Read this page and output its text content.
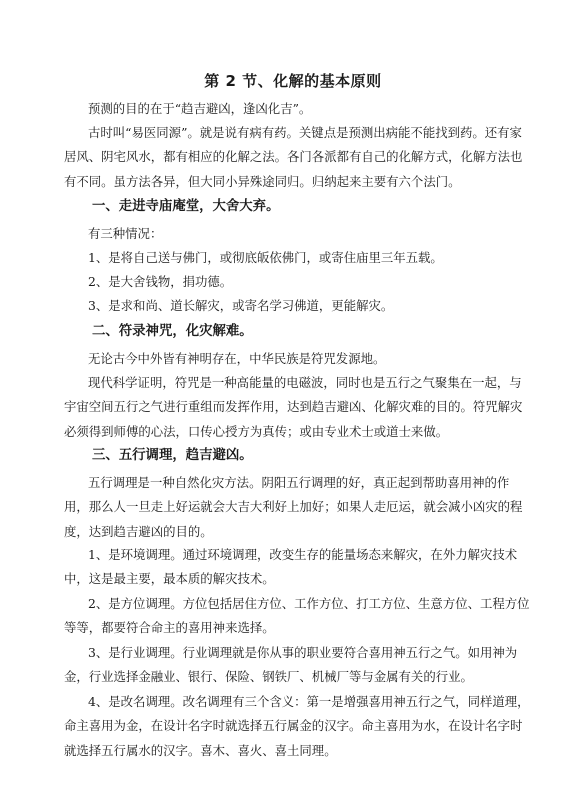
第 2 节、化解的基本原则
预测的目的在于“趋吉避凶，逢凶化吉”。
古时叫“易医同源”。就是说有病有药。关键点是预测出病能不能找到药。还有家居风、阴宅风水，都有相应的化解之法。各门各派都有自己的化解方式，化解方法也有不同。虽方法各异，但大同小异殊途同归。归纳起来主要有六个法门。
一、走进寺庙庵堂，大舍大弃。
有三种情况：
1、是将自己送与佛门，或彻底皈依佛门，或寄住庙里三年五载。
2、是大舍钱物，捐功德。
3、是求和尚、道长解灾，或寄名学习佛道，更能解灾。
二、符录神咒，化灾解难。
无论古今中外皆有神明存在，中华民族是符咒发源地。
现代科学证明，符咒是一种高能量的电磁波，同时也是五行之气聚集在一起，与宇宙空间五行之气进行重组而发挥作用，达到趋吉避凶、化解灾难的目的。符咒解灾必须得到师傅的心法，口传心授方为真传；或由专业术士或道士来做。
三、五行调理，趋吉避凶。
五行调理是一种自然化灾方法。阴阳五行调理的好，真正起到帮助喜用神的作用，那么人一旦走上好运就会大吉大利好上加好；如果人走厄运，就会减小凶灾的程度，达到趋吉避凶的目的。
1、是环境调理。通过环境调理，改变生存的能量场态来解灾，在外力解灾技术中，这是最主要，最本质的解灾技术。
2、是方位调理。方位包括居住方位、工作方位、打工方位、生意方位、工程方位等等，都要符合命主的喜用神来选择。
3、是行业调理。行业调理就是你从事的职业要符合喜用神五行之气。如用神为金，行业选择金融业、银行、保险、钢铁厂、机械厂等与金属有关的行业。
4、是改名调理。改名调理有三个含义：第一是增强喜用神五行之气，同样道理，命主喜用为金，在设计名字时就选择五行属金的汉字。命主喜用为水，在设计名字时就选择五行属水的汉字。喜木、喜火、喜土同理。
